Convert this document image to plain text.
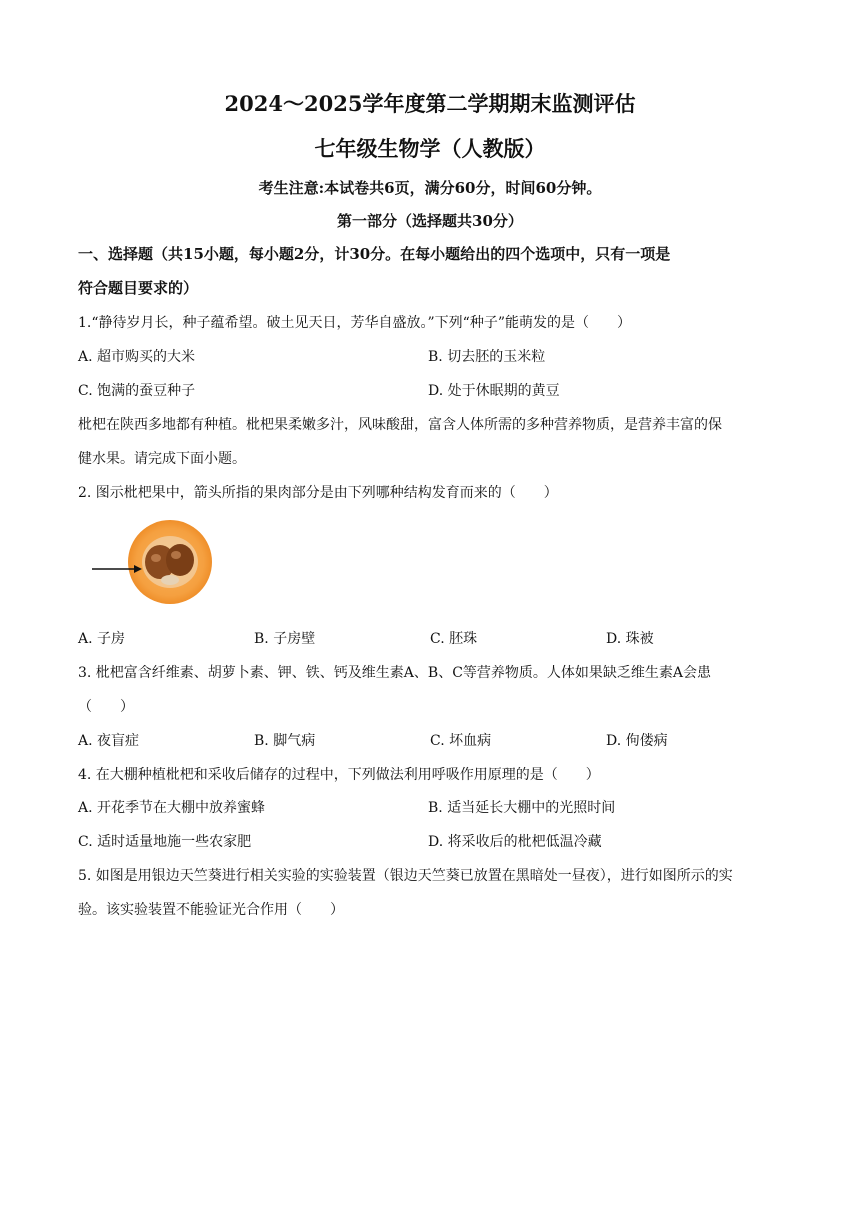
2024～2025学年度第二学期期末监测评估
七年级生物学（人教版）
考生注意:本试卷共6页，满分60分，时间60分钟。
第一部分（选择题共30分）
一、选择题（共15小题，每小题2分，计30分。在每小题给出的四个选项中，只有一项是
符合题目要求的）
1.“静待岁月长，种子蕴希望。破土见天日，芳华自盛放。”下列“种子”能萌发的是（　　）
A. 超市购买的大米	B. 切去胚的玉米粒
C. 饱满的蚕豆种子	D. 处于休眠期的黄豆
枇杷在陕西多地都有种植。枇杷果柔嫩多汁，风味酸甜，富含人体所需的多种营养物质，是营养丰富的保
健水果。请完成下面小题。
2. 图示枇杷果中，箭头所指的果肉部分是由下列哪种结构发育而来的（　　）
A. 子房	B. 子房壁	C. 胚珠	D. 珠被
3. 枇杷富含纤维素、胡萝卜素、钾、铁、钙及维生素A、B、C等营养物质。人体如果缺乏维生素A会患
（　　）
A. 夜盲症	B. 脚气病	C. 坏血病	D. 佝偻病
4. 在大棚种植枇杷和采收后储存的过程中，下列做法利用呼吸作用原理的是（　　）
A. 开花季节在大棚中放养蜜蜂	B. 适当延长大棚中的光照时间
C. 适时适量地施一些农家肥	D. 将采收后的枇杷低温冷藏
5. 如图是用银边天竺葵进行相关实验的实验装置（银边天竺葵已放置在黑暗处一昼夜），进行如图所示的实
验。该实验装置不能验证光合作用（　　）
